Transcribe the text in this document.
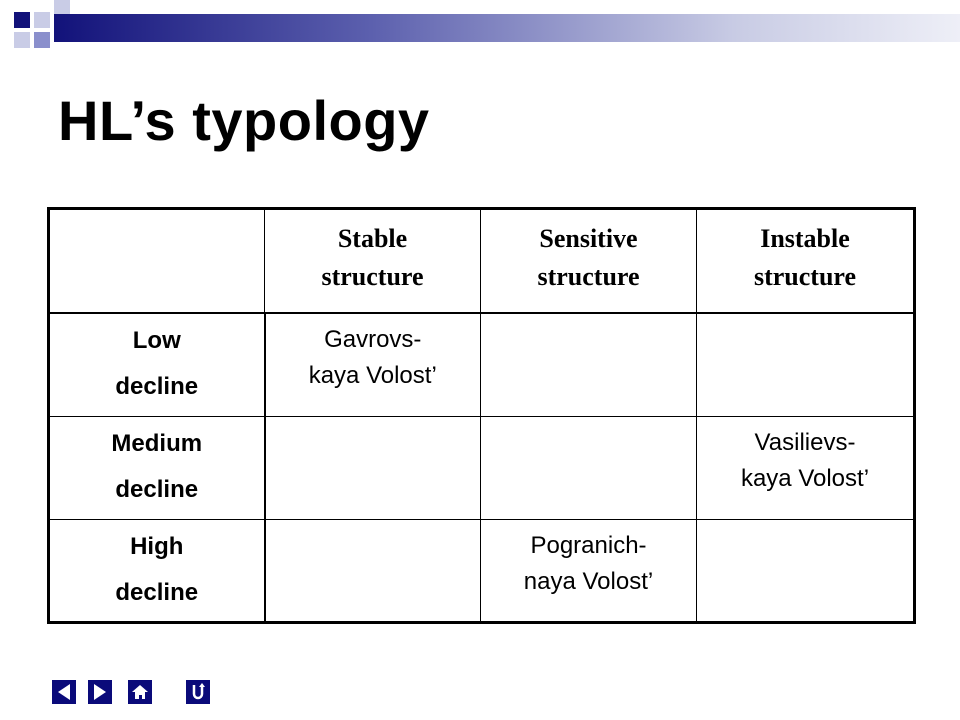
HL’s typology

	Stable
structure	Sensitive
structure	Instable
structure

Low
decline	Gavrovs-
kaya Volost’		

Medium
decline			Vasilievs-
kaya Volost’

High
decline		Pogranich-
naya Volost’	
